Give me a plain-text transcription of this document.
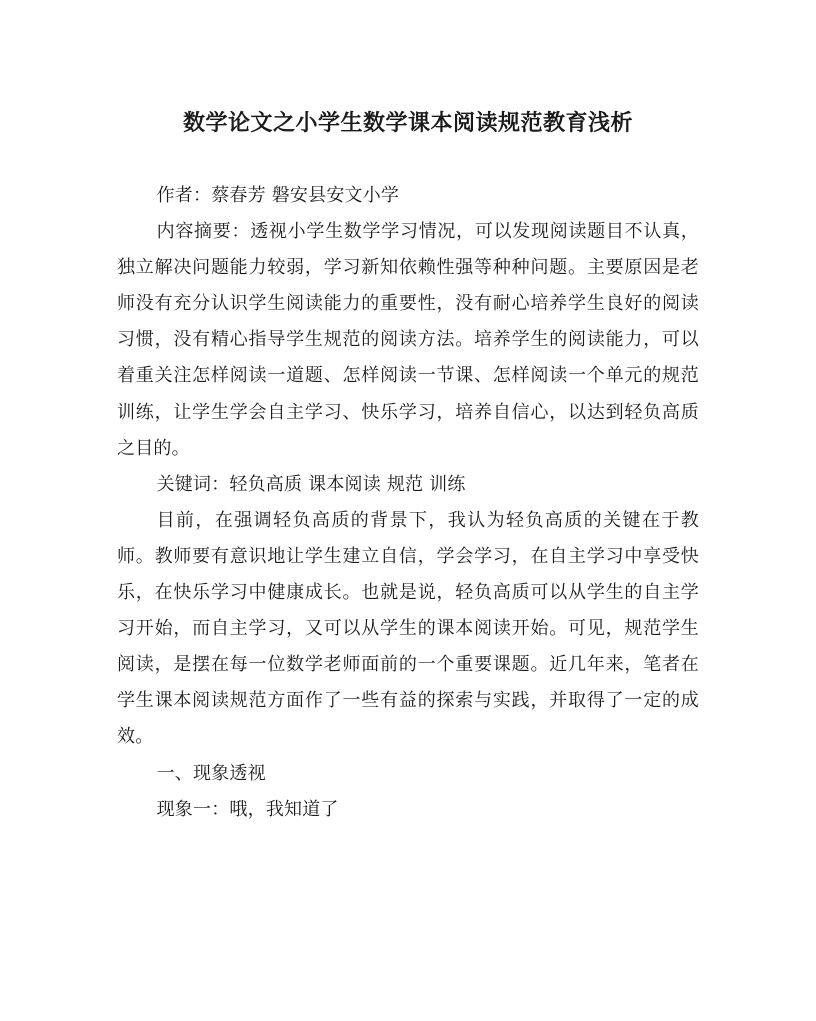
数学论文之小学生数学课本阅读规范教育浅析

作者：蔡春芳 磐安县安文小学

内容摘要：透视小学生数学学习情况，可以发现阅读题目不认真，独立解决问题能力较弱，学习新知依赖性强等种种问题。主要原因是老师没有充分认识学生阅读能力的重要性，没有耐心培养学生良好的阅读习惯，没有精心指导学生规范的阅读方法。培养学生的阅读能力，可以着重关注怎样阅读一道题、怎样阅读一节课、怎样阅读一个单元的规范训练，让学生学会自主学习、快乐学习，培养自信心，以达到轻负高质之目的。

关键词：轻负高质 课本阅读 规范 训练

目前，在强调轻负高质的背景下，我认为轻负高质的关键在于教师。教师要有意识地让学生建立自信，学会学习，在自主学习中享受快乐，在快乐学习中健康成长。也就是说，轻负高质可以从学生的自主学习开始，而自主学习，又可以从学生的课本阅读开始。可见，规范学生阅读，是摆在每一位数学老师面前的一个重要课题。近几年来，笔者在学生课本阅读规范方面作了一些有益的探索与实践，并取得了一定的成效。

一、现象透视

现象一：哦，我知道了
